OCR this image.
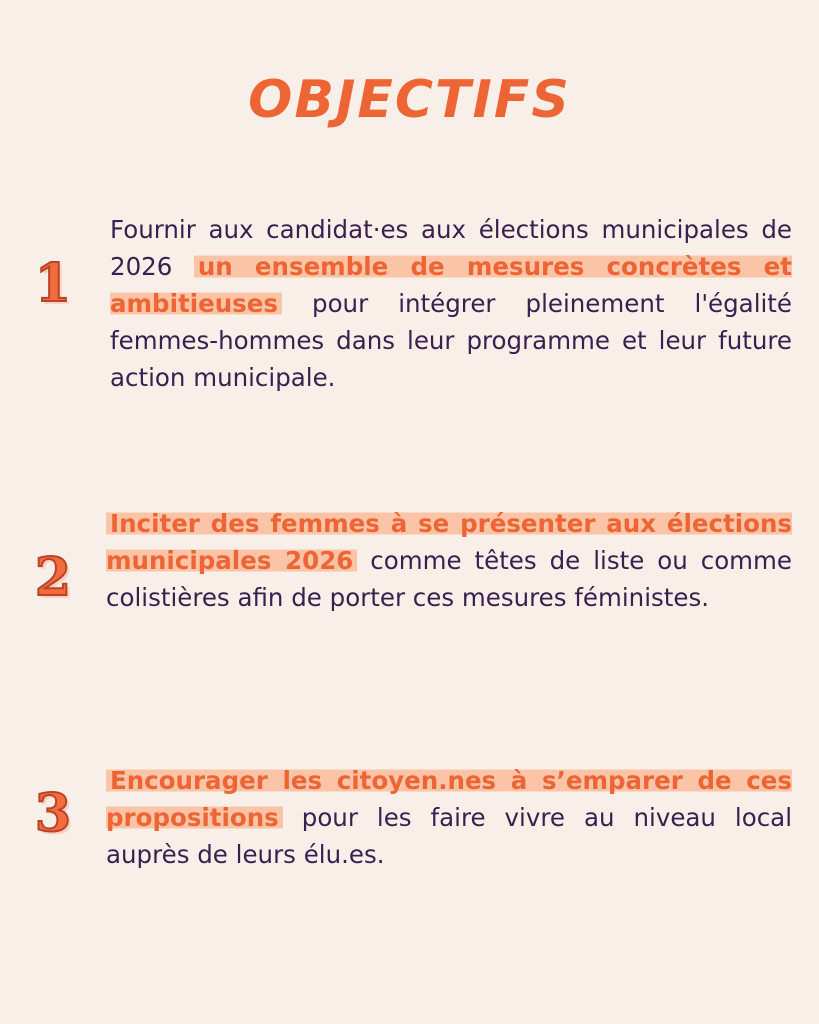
OBJECTIFS
1

Fournir aux candidat·es aux élections municipales de 2026 un ensemble de mesures concrètes et ambitieuses pour intégrer pleinement l'égalité femmes-hommes dans leur programme et leur future action municipale.

2

Inciter des femmes à se présenter aux élections municipales 2026 comme têtes de liste ou comme colistières afin de porter ces mesures féministes.

3

Encourager les citoyen.nes à s’emparer de ces propositions pour les faire vivre au niveau local auprès de leurs élu.es.
